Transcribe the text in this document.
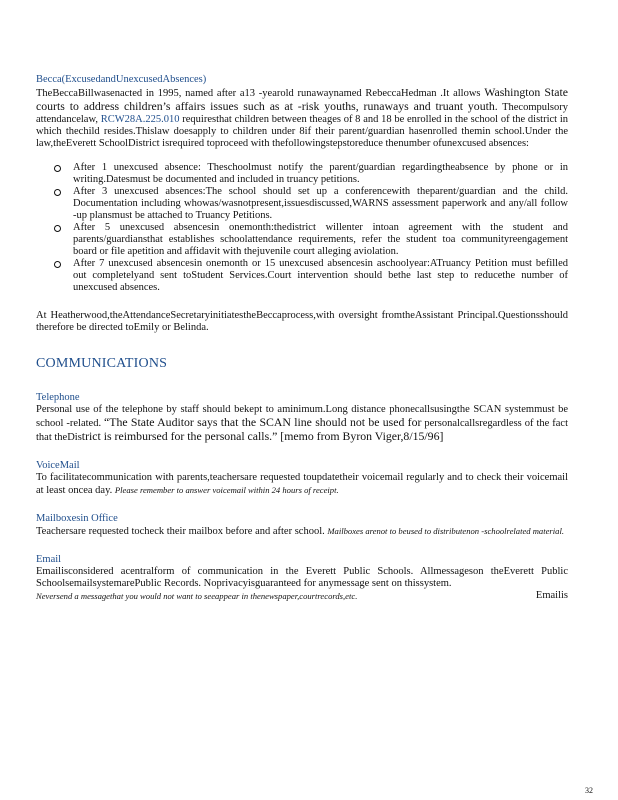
Becca(ExcusedandUnexcusedAbsences)

TheBeccaBillwasenacted in 1995, named after a13 -yearold runawaynamed RebeccaHedman .It allows Washington State courts to address children’s affairs issues such as at -risk youths, runaways and truant youth. Thecompulsory attendancelaw, RCW28A.225.010 requiresthat children between theages of 8 and 18 be enrolled in the school of the district in which thechild resides.Thislaw doesapply to children under 8if their parent/guardian hasenrolled themin school.Under the law,theEverett SchoolDistrict isrequired toproceed with thefollowingstepstoreduce thenumber ofunexcused absences:

After 1 unexcused absence: Theschoolmust notify the parent/guardian regardingtheabsence by phone or in writing.Datesmust be documented and included in truancy petitions.
After 3 unexcused absences:The school should set up a conferencewith theparent/guardian and the child. Documentation including whowas/wasnotpresent,issuesdiscussed,WARNS assessment paperwork and any/all follow -up plansmust be attached to Truancy Petitions.
After 5 unexcused absencesin onemonth:thedistrict willenter intoan agreement with the student and parents/guardiansthat establishes schoolattendance requirements, refer the student toa communityreengagement board or file apetition and affidavit with thejuvenile court alleging aviolation.
After 7 unexcused absencesin onemonth or 15 unexcused absencesin aschoolyear:ATruancy Petition must befilled out completelyand sent toStudent Services.Court intervention should bethe last step to reducethe number of unexcused absences.

At Heatherwood,theAttendanceSecretaryinitiatestheBeccaprocess,with oversight fromtheAssistant Principal.Questionsshould therefore be directed toEmily or Belinda.

COMMUNICATIONS
Telephone

Personal use of the telephone by staff should bekept to aminimum.Long distance phonecallsusingthe SCAN systemmust be school -related. “The State Auditor says that the SCAN line should not be used for personalcallsregardless of the fact that theDistrict is reimbursed for the personal calls.” [memo from Byron Viger,8/15/96]

VoiceMail

To facilitatecommunication with parents,teachersare requested toupdatetheir voicemail regularly and to check their voicemail at least oncea day. Please remember to answer voicemail within 24 hours of receipt.

Mailboxesin Office

Teachersare requested tocheck their mailbox before and after school. Mailboxes arenot to beused to distributenon -schoolrelated material.

Email

Emailisconsidered acentralform of communication in the Everett Public Schools. Allmessageson theEverett Public SchoolsemailsystemarePublic Records. Noprivacyisguaranteed for anymessage sent on thissystem.

Neversend a messagethat you would not want to seeappear in thenewspaper,courtrecords,etc.	Emailis

32
